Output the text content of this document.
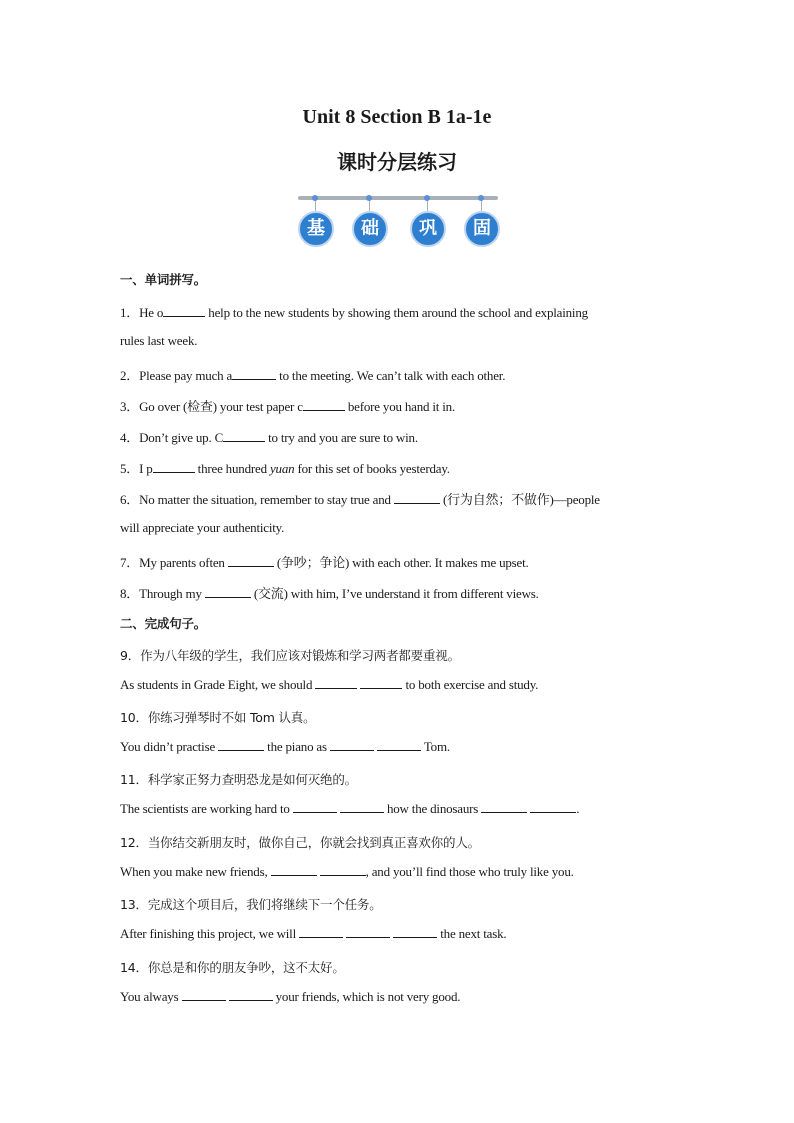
Unit 8 Section B 1a-1e
课时分层练习
基	础	巩	固
一、单词拼写。
1．He o	help to the new students by showing them around the school and explaining
rules last week.
2．Please pay much a	to the meeting. We can’t talk with each other.
3．Go over (检查) your test paper c	before you hand it in.
4．Don’t give up. C	to try and you are sure to win.
5．I p	three hundred yuan for this set of books yesterday.
6．No matter the situation, remember to stay true and	(行为自然；不做作)—people
will appreciate your authenticity.
7．My parents often	(争吵；争论) with each other. It makes me upset.
8．Through my	(交流) with him, I’ve understand it from different views.
二、完成句子。
9．作为八年级的学生，我们应该对锻炼和学习两者都要重视。
As students in Grade Eight, we should	to both exercise and study.
10．你练习弹琴时不如 Tom 认真。
You didn’t practise	the piano as	Tom.
11．科学家正努力查明恐龙是如何灭绝的。
The scientists are working hard to	how the dinosaurs	.
12．当你结交新朋友时，做你自己，你就会找到真正喜欢你的人。
When you make new friends,	, and you’ll find those who truly like you.
13．完成这个项目后，我们将继续下一个任务。
After finishing this project, we will	the next task.
14．你总是和你的朋友争吵，这不太好。
You always	your friends, which is not very good.
